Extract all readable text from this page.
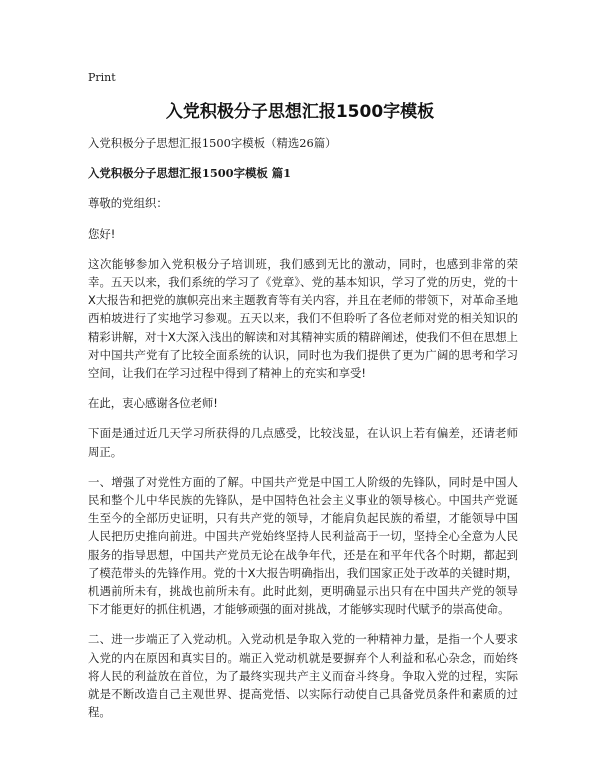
Print
入党积极分子思想汇报1500字模板

入党积极分子思想汇报1500字模板（精选26篇）

入党积极分子思想汇报1500字模板 篇1

尊敬的党组织：

您好!

这次能够参加入党积极分子培训班，我们感到无比的激动，同时，也感到非常的荣幸。五天以来，我们系统的学习了《党章》、党的基本知识，学习了党的历史，党的十X大报告和把党的旗帜亮出来主题教育等有关内容，并且在老师的带领下，对革命圣地西柏坡进行了实地学习参观。五天以来，我们不但聆听了各位老师对党的相关知识的精彩讲解，对十X大深入浅出的解读和对其精神实质的精辟阐述，使我们不但在思想上对中国共产党有了比较全面系统的认识，同时也为我们提供了更为广阔的思考和学习空间，让我们在学习过程中得到了精神上的充实和享受!

在此，衷心感谢各位老师!

下面是通过近几天学习所获得的几点感受，比较浅显，在认识上若有偏差，还请老师周正。

一、增强了对党性方面的了解。中国共产党是中国工人阶级的先锋队，同时是中国人民和整个儿中华民族的先锋队，是中国特色社会主义事业的领导核心。中国共产党诞生至今的全部历史证明，只有共产党的领导，才能肩负起民族的希望，才能领导中国人民把历史推向前进。中国共产党始终坚持人民利益高于一切，坚持全心全意为人民服务的指导思想，中国共产党员无论在战争年代，还是在和平年代各个时期，都起到了模范带头的先锋作用。党的十X大报告明确指出，我们国家正处于改革的关键时期，机遇前所未有，挑战也前所未有。此时此刻，更明确显示出只有在中国共产党的领导下才能更好的抓住机遇，才能够顽强的面对挑战，才能够实现时代赋予的崇高使命。

二、进一步端正了入党动机。入党动机是争取入党的一种精神力量，是指一个人要求入党的内在原因和真实目的。端正入党动机就是要摒弃个人利益和私心杂念，而始终将人民的利益放在首位，为了最终实现共产主义而奋斗终身。争取入党的过程，实际就是不断改造自己主观世界、提高党悟、以实际行动使自己具备党员条件和素质的过程。
